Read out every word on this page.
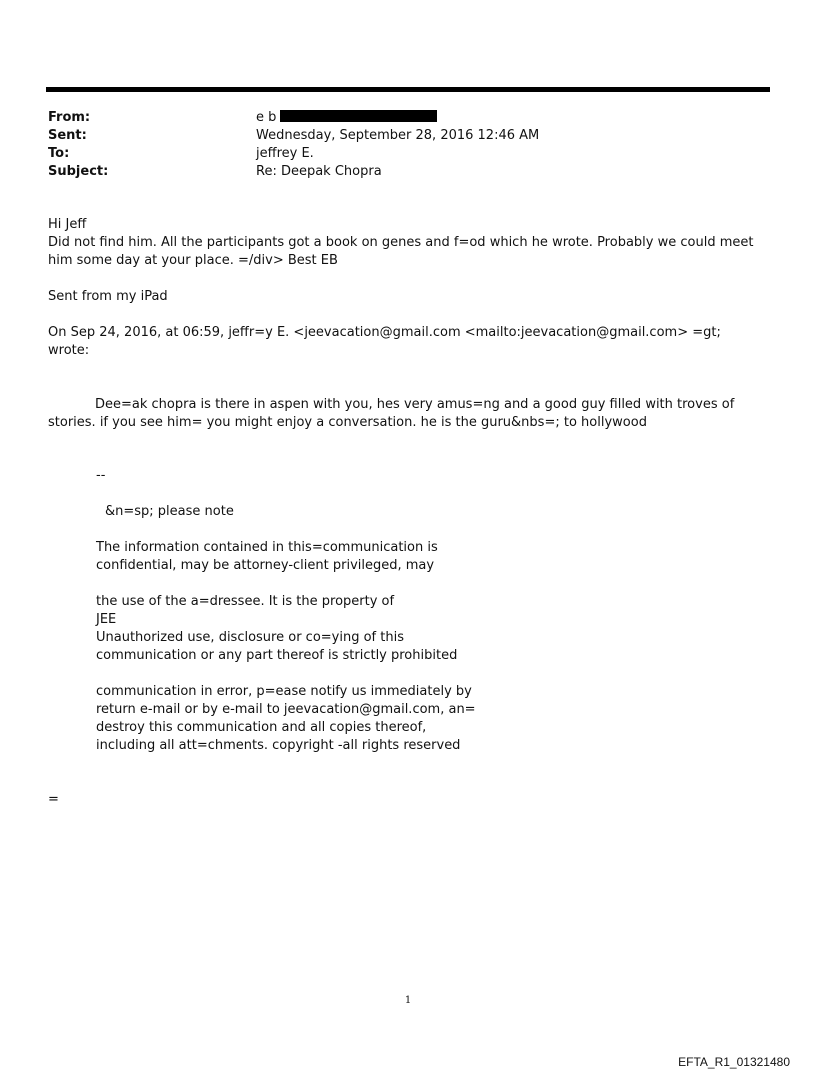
From:	e b
Sent:	Wednesday, September 28, 2016 12:46 AM
To:	jeffrey E.
Subject:	Re: Deepak Chopra
Hi Jeff
Did not find him. All the participants got a book on genes and f=od which he wrote. Probably we could meet him some day at your place. =/div> Best EB
Sent from my iPad
On Sep 24, 2016, at 06:59, jeffr=y E. <jeevacation@gmail.com <mailto:jeevacation@gmail.com> =gt; wrote:
Dee=ak chopra is there in aspen with you, hes very amus=ng and a good guy filled with troves of stories. if you see him= you might enjoy a conversation. he is the guru&nbs=; to hollywood
--
&n=sp; please note
The information contained in this=communication is
confidential, may be attorney-client privileged, may
the use of the a=dressee. It is the property of
JEE
Unauthorized use, disclosure or co=ying of this
communication or any part thereof is strictly prohibited
communication in error, p=ease notify us immediately by
return e-mail or by e-mail to jeevacation@gmail.com, an=
destroy this communication and all copies thereof,
including all att=chments. copyright -all rights reserved
=
1
EFTA_R1_01321480
